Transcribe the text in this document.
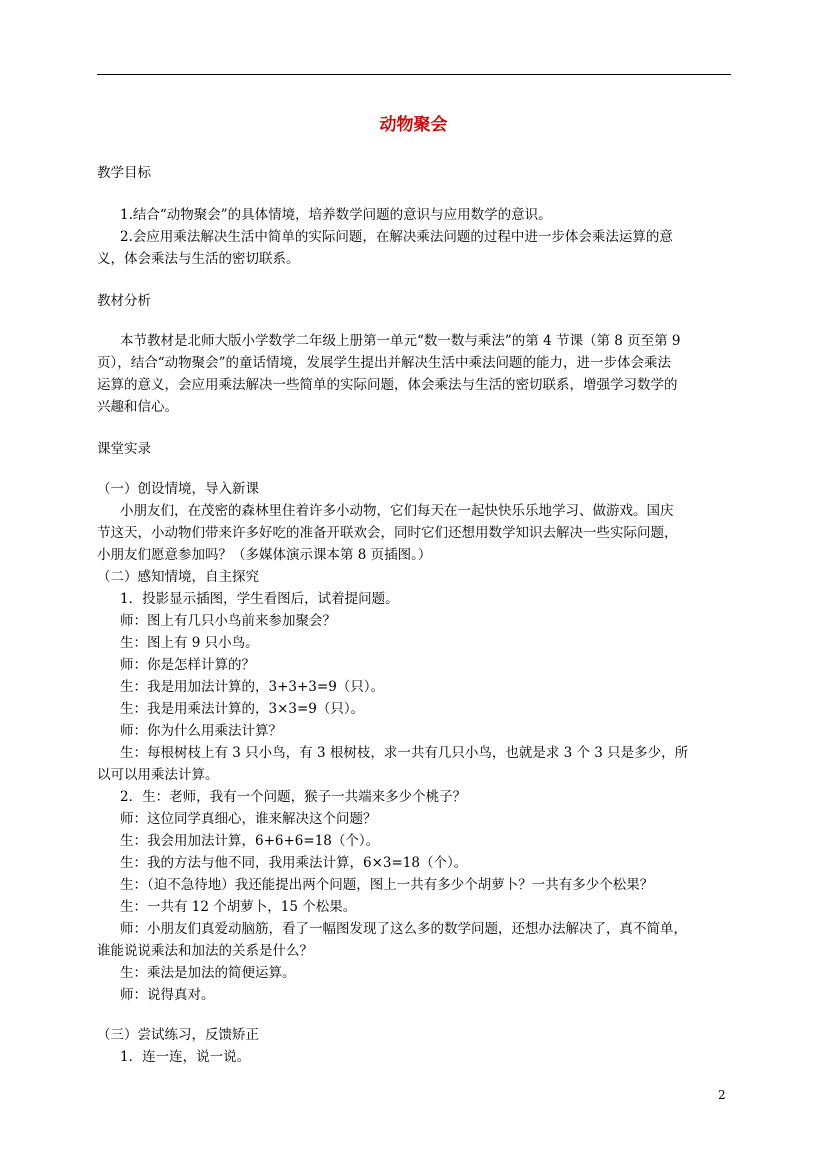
动物聚会
教学目标
1.结合“动物聚会”的具体情境，培养数学问题的意识与应用数学的意识。
2.会应用乘法解决生活中简单的实际问题，在解决乘法问题的过程中进一步体会乘法运算的意
义，体会乘法与生活的密切联系。
教材分析
本节教材是北师大版小学数学二年级上册第一单元“数一数与乘法”的第 4 节课（第 8 页至第 9
页），结合“动物聚会”的童话情境，发展学生提出并解决生活中乘法问题的能力，进一步体会乘法
运算的意义，会应用乘法解决一些简单的实际问题，体会乘法与生活的密切联系，增强学习数学的
兴趣和信心。
课堂实录
（一）创设情境，导入新课
小朋友们，在茂密的森林里住着许多小动物，它们每天在一起快快乐乐地学习、做游戏。国庆
节这天，小动物们带来许多好吃的准备开联欢会，同时它们还想用数学知识去解决一些实际问题，
小朋友们愿意参加吗？（多媒体演示课本第 8 页插图。）
（二）感知情境，自主探究
1．投影显示插图，学生看图后，试着提问题。
师：图上有几只小鸟前来参加聚会？
生：图上有 9 只小鸟。
师：你是怎样计算的？
生：我是用加法计算的，3+3+3=9（只）。
生：我是用乘法计算的，3×3=9（只）。
师：你为什么用乘法计算？
生：每根树枝上有 3 只小鸟，有 3 根树枝，求一共有几只小鸟，也就是求 3 个 3 只是多少，所
以可以用乘法计算。
2．生：老师，我有一个问题，猴子一共端来多少个桃子？
师：这位同学真细心，谁来解决这个问题？
生：我会用加法计算，6+6+6=18（个）。
生：我的方法与他不同，我用乘法计算，6×3=18（个）。
生：（迫不急待地）我还能提出两个问题，图上一共有多少个胡萝卜？一共有多少个松果？
生：一共有 12 个胡萝卜，15 个松果。
师：小朋友们真爱动脑筋，看了一幅图发现了这么多的数学问题，还想办法解决了，真不简单，
谁能说说乘法和加法的关系是什么？
生：乘法是加法的简便运算。
师：说得真对。
（三）尝试练习，反馈矫正
1．连一连，说一说。
2
